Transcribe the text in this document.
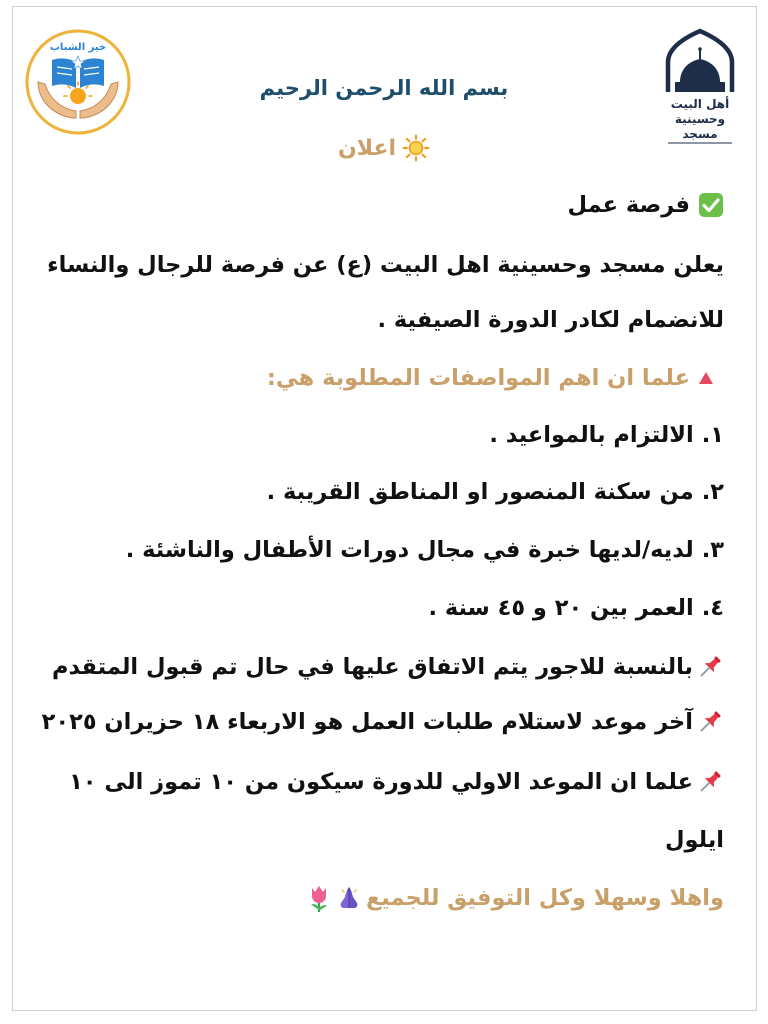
خير الشباب
أهل البيت
وحسينية
مسجد
بسم الله الرحمن الرحيم
اعلان
فرصة عمل
يعلن مسجد وحسينية اهل البيت (ع) عن فرصة للرجال والنساء
للانضمام لكادر الدورة الصيفية .
علما ان اهم المواصفات المطلوبة هي:
١.
الالتزام بالمواعيد .
٢.
من سكنة المنصور او المناطق القريبة .
٣.
لديه/لديها خبرة في مجال دورات الأطفال والناشئة .
٤.
العمر بين ٢٠ و ٤٥ سنة .
بالنسبة للاجور يتم الاتفاق عليها في حال تم قبول المتقدم
آخر موعد لاستلام طلبات العمل هو الاربعاء ١٨ حزيران ٢٠٢٥
علما ان الموعد الاولي للدورة سيكون من ١٠ تموز الى ١٠
ايلول
واهلا وسهلا وكل التوفيق للجميع
